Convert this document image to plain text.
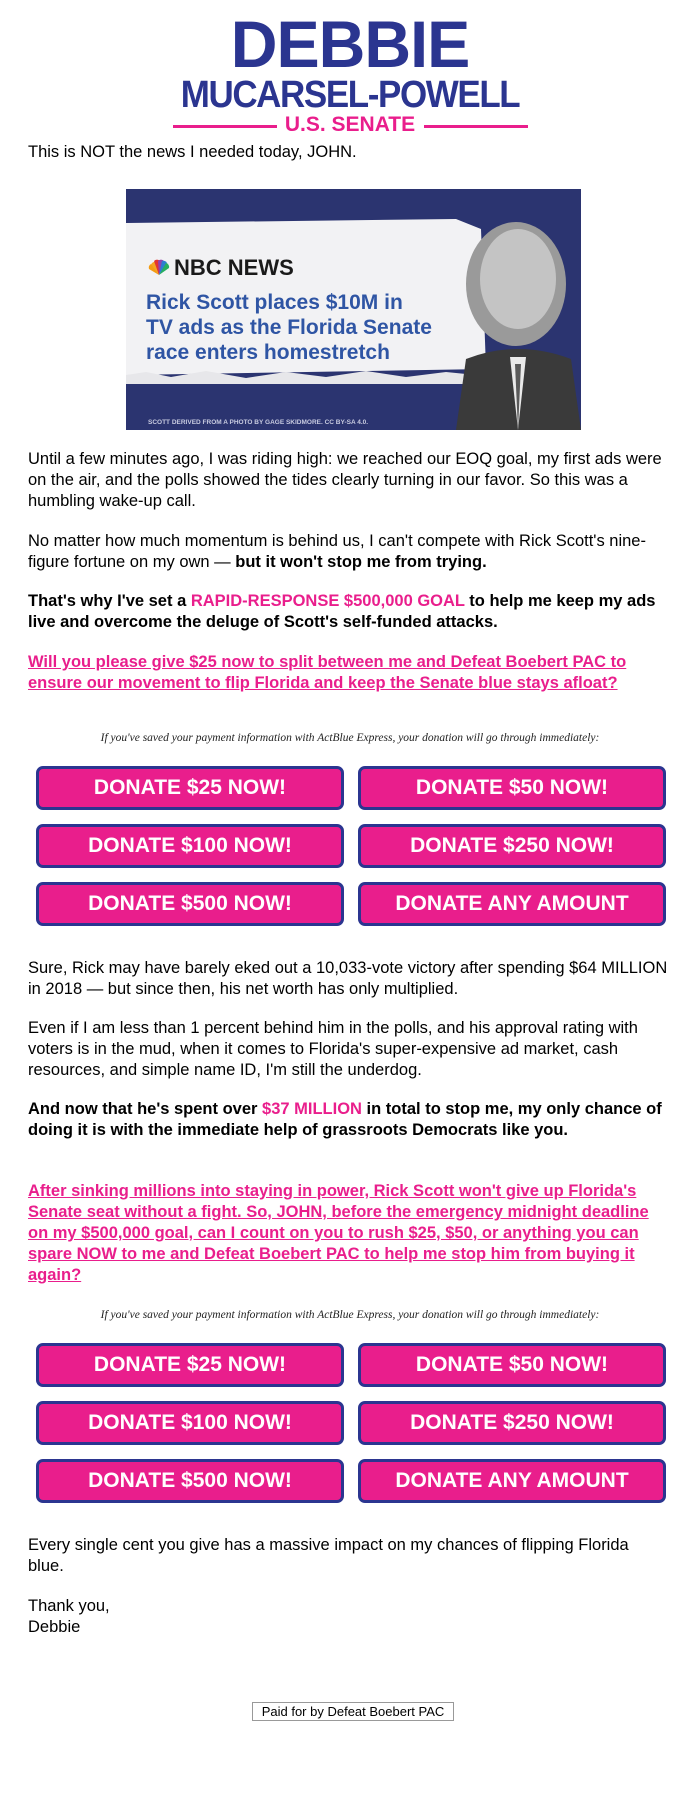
DEBBIE
MUCARSEL-POWELL
U.S. SENATE

This is NOT the news I needed today, JOHN.

NBC NEWS
Rick Scott places $10M in
TV ads as the Florida Senate
race enters homestretch
SCOTT DERIVED FROM A PHOTO BY GAGE SKIDMORE. CC BY-SA 4.0.

Until a few minutes ago, I was riding high: we reached our EOQ goal, my first ads were on the air, and the polls showed the tides clearly turning in our favor. So this was a humbling wake-up call.

No matter how much momentum is behind us, I can't compete with Rick Scott's nine-figure fortune on my own — but it won't stop me from trying.

That's why I've set a RAPID-RESPONSE $500,000 GOAL to help me keep my ads live and overcome the deluge of Scott's self-funded attacks.

Will you please give $25 now to split between me and Defeat Boebert PAC to ensure our movement to flip Florida and keep the Senate blue stays afloat?
If you've saved your payment information with ActBlue Express, your donation will go through immediately:
DONATE $25 NOW!	DONATE $50 NOW!
DONATE $100 NOW!	DONATE $250 NOW!
DONATE $500 NOW!	DONATE ANY AMOUNT

Sure, Rick may have barely eked out a 10,033-vote victory after spending $64 MILLION in 2018 — but since then, his net worth has only multiplied.

Even if I am less than 1 percent behind him in the polls, and his approval rating with voters is in the mud, when it comes to Florida's super-expensive ad market, cash resources, and simple name ID, I'm still the underdog.

And now that he's spent over $37 MILLION in total to stop me, my only chance of doing it is with the immediate help of grassroots Democrats like you.

After sinking millions into staying in power, Rick Scott won't give up Florida's Senate seat without a fight. So, JOHN, before the emergency midnight deadline on my $500,000 goal, can I count on you to rush $25, $50, or anything you can spare NOW to me and Defeat Boebert PAC to help me stop him from buying it again?
If you've saved your payment information with ActBlue Express, your donation will go through immediately:
DONATE $25 NOW!	DONATE $50 NOW!
DONATE $100 NOW!	DONATE $250 NOW!
DONATE $500 NOW!	DONATE ANY AMOUNT

Every single cent you give has a massive impact on my chances of flipping Florida blue.

Thank you,

Debbie

Paid for by Defeat Boebert PAC
